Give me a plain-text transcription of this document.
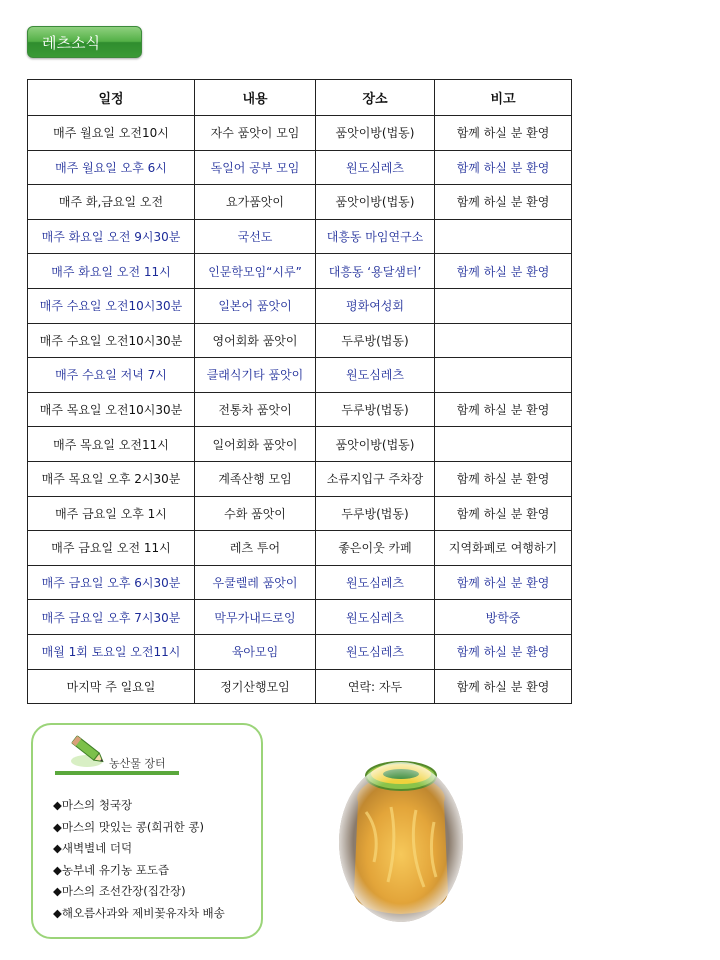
레츠소식
일정	내용	장소	비고
매주 월요일 오전10시	자수 품앗이 모임	품앗이방(법동)	함께 하실 분 환영
매주 월요일 오후 6시	독일어 공부 모임	원도심레츠	함께 하실 분 환영
매주 화,금요일 오전	요가품앗이	품앗이방(법동)	함께 하실 분 환영
매주 화요일 오전 9시30분	국선도	대흥동 마임연구소	
매주 화요일 오전 11시	인문학모임“시루”	대흥동 ‘용달샘터’	함께 하실 분 환영
매주 수요일 오전10시30분	일본어 품앗이	평화여성회	
매주 수요일 오전10시30분	영어회화 품앗이	두루방(법동)	
매주 수요일 저녁 7시	클래식기타 품앗이	원도심레츠	
매주 목요일 오전10시30분	전통차 품앗이	두루방(법동)	함께 하실 분 환영
매주 목요일 오전11시	일어회화 품앗이	품앗이방(법동)	
매주 목요일 오후 2시30분	계족산행 모임	소류지입구 주차장	함께 하실 분 환영
매주 금요일 오후 1시	수화 품앗이	두루방(법동)	함께 하실 분 환영
매주 금요일 오전 11시	레츠 투어	좋은이웃 카페	지역화폐로 여행하기
매주 금요일 오후 6시30분	우쿨렐레 품앗이	원도심레츠	함께 하실 분 환영
매주 금요일 오후 7시30분	막무가내드로잉	원도심레츠	방학중
매월 1회 토요일 오전11시	육아모임	원도심레츠	함께 하실 분 환영
마지막 주 일요일	정기산행모임	연락: 자두	함께 하실 분 환영
농산물 장터
◆마스의 청국장
◆마스의 맛있는 콩(희귀한 콩)
◆새벽별네 더덕
◆농부네 유기농 포도즙
◆마스의 조선간장(집간장)
◆해오름사과와 제비꽃유자차 배송
